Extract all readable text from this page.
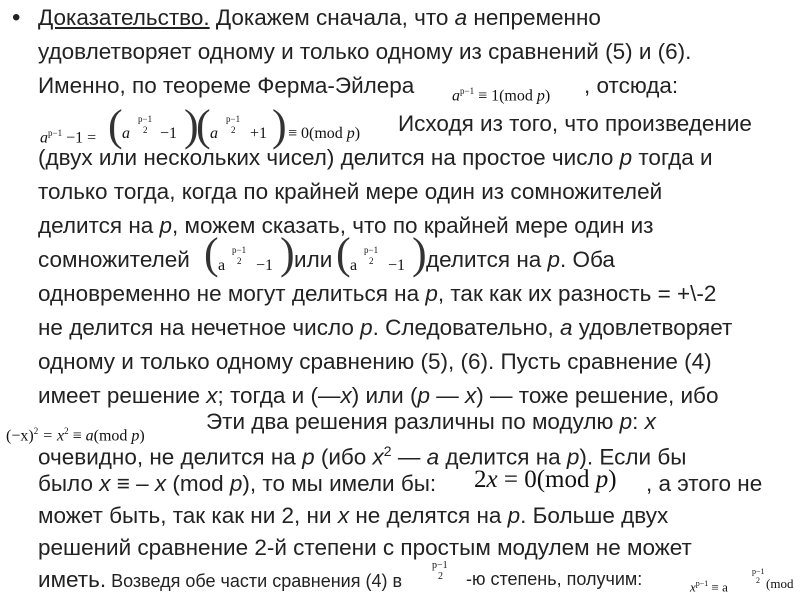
• Доказательство. Докажем сначала, что a непременно
удовлетворяет одному и только одному из сравнений (5) и (6).
Именно, по теореме Ферма-Эйлера $a^{p-1} \equiv 1(mod$ p) , отсюда:
$a^{p-1} -1$ = ( a
p−1
2 −1 )
( a
p−1
2 +1 ) ≡ 0(mod p) Исходя из того, что произведение
(двух или нескольких чисел) делится на простое число p тогда и
только тогда, когда по крайней мере один из сомножителей
делится на p, можем сказать, что по крайней мере один из
сомножителей ( a
p−1
2 −1 ) или ( a
p−1
2 −1 ) делится на p. Оба
одновременно не могут делиться на p, так как их разность = +\-2
не делится на нечетное число p. Следовательно, a удовлетворяет
одному и только одному сравнению (5), (6). Пусть сравнение (4)
имеет решение x; тогда и (—x) или (p — x) — тоже решение, ибо
$(-x)^2 = x^2 \equiv a(mod$ p)
Эти два решения различны по модулю p: x
очевидно, не делится на p (ибо $x^2$ — a делится на p). Если бы
было x ≡ – x (mod p), то мы имели бы: 2x = 0(mod p) , а этого не
может быть, так как ни 2, ни x не делятся на p. Больше двух
решений сравнение 2-й степени с простым модулем не может
иметь. Возведя обе части сравнения (4) в
p−1
2 -ю степень, получим:	$x^{p-1} \equiv a$
p−1
2 (mod
